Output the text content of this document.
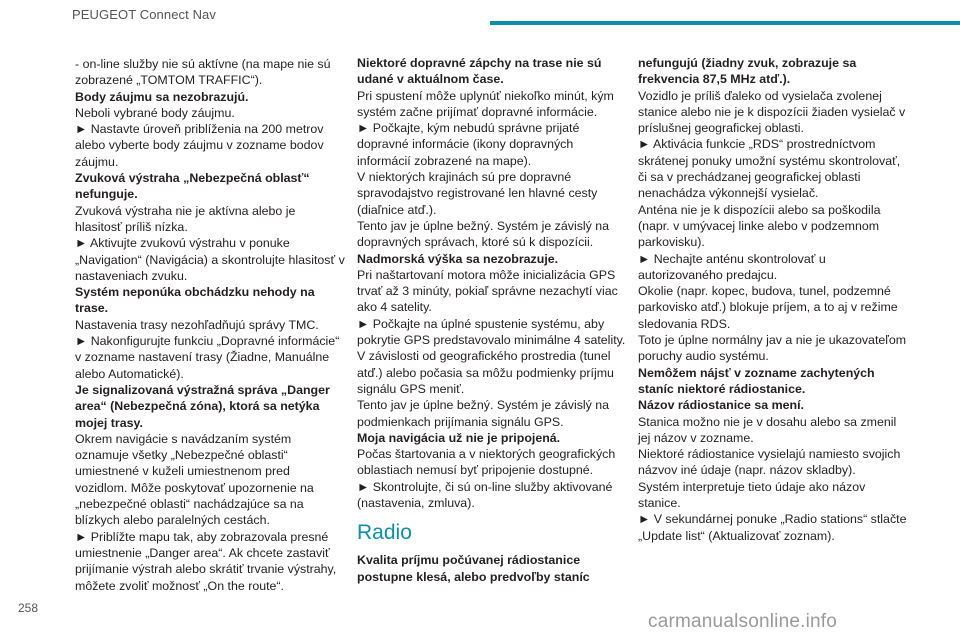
PEUGEOT Connect Nav

- on-line služby nie sú aktívne (na mape nie sú zobrazené „TOMTOM TRAFFIC“).

Body záujmu sa nezobrazujú.

Neboli vybrané body záujmu.

► Nastavte úroveň priblíženia na 200 metrov alebo vyberte body záujmu v zozname bodov záujmu.

Zvuková výstraha „Nebezpečná oblasť“ nefunguje.

Zvuková výstraha nie je aktívna alebo je hlasitosť príliš nízka.

► Aktivujte zvukovú výstrahu v ponuke „Navigation“ (Navigácia) a skontrolujte hlasitosť v nastaveniach zvuku.

Systém neponúka obchádzku nehody na trase.

Nastavenia trasy nezohľadňujú správy TMC.

► Nakonfigurujte funkciu „Dopravné informácie“ v zozname nastavení trasy (Žiadne, Manuálne alebo Automatické).

Je signalizovaná výstražná správa „Danger area“ (Nebezpečná zóna), ktorá sa netýka mojej trasy.

Okrem navigácie s navádzaním systém oznamuje všetky „Nebezpečné oblasti“ umiestnené v kuželi umiestnenom pred vozidlom. Môže poskytovať upozornenie na „nebezpečné oblasti“ nachádzajúce sa na blízkych alebo paralelných cestách.

► Priblížte mapu tak, aby zobrazovala presné umiestnenie „Danger area“. Ak chcete zastaviť prijímanie výstrah alebo skrátiť trvanie výstrahy, môžete zvoliť možnosť „On the route“.

Niektoré dopravné zápchy na trase nie sú udané v aktuálnom čase.

Pri spustení môže uplynúť niekoľko minút, kým systém začne prijímať dopravné informácie.

► Počkajte, kým nebudú správne prijaté dopravné informácie (ikony dopravných informácií zobrazené na mape).

V niektorých krajinách sú pre dopravné spravodajstvo registrované len hlavné cesty (diaľnice atď.).

Tento jav je úplne bežný. Systém je závislý na dopravných správach, ktoré sú k dispozícii.

Nadmorská výška sa nezobrazuje.

Pri naštartovaní motora môže inicializácia GPS trvať až 3 minúty, pokiaľ správne nezachytí viac ako 4 satelity.

► Počkajte na úplné spustenie systému, aby pokrytie GPS predstavovalo minimálne 4 satelity.

V závislosti od geografického prostredia (tunel atď.) alebo počasia sa môžu podmienky príjmu signálu GPS meniť.

Tento jav je úplne bežný. Systém je závislý na podmienkach prijímania signálu GPS.

Moja navigácia už nie je pripojená.

Počas štartovania a v niektorých geografických oblastiach nemusí byť pripojenie dostupné.

► Skontrolujte, či sú on-line služby aktivované (nastavenia, zmluva).

Radio

Kvalita príjmu počúvanej rádiostanice postupne klesá, alebo predvoľby staníc

nefungujú (žiadny zvuk, zobrazuje sa frekvencia 87,5 MHz atď.).

Vozidlo je príliš ďaleko od vysielača zvolenej stanice alebo nie je k dispozícii žiaden vysielač v príslušnej geografickej oblasti.

► Aktivácia funkcie „RDS“ prostredníctvom skrátenej ponuky umožní systému skontrolovať, či sa v prechádzanej geografickej oblasti nenachádza výkonnejší vysielač.

Anténa nie je k dispozícii alebo sa poškodila (napr. v umývacej linke alebo v podzemnom parkovisku).

► Nechajte anténu skontrolovať u autorizovaného predajcu.

Okolie (napr. kopec, budova, tunel, podzemné parkovisko atď.) blokuje príjem, a to aj v režime sledovania RDS.

Toto je úplne normálny jav a nie je ukazovateľom poruchy audio systému.

Nemôžem nájsť v zozname zachytených staníc niektoré rádiostanice.

Názov rádiostanice sa mení.

Stanica možno nie je v dosahu alebo sa zmenil jej názov v zozname.

Niektoré rádiostanice vysielajú namiesto svojich názvov iné údaje (napr. názov skladby).

Systém interpretuje tieto údaje ako názov stanice.

► V sekundárnej ponuke „Radio stations“ stlačte „Update list“ (Aktualizovať zoznam).

258
carmanualsonline.info
